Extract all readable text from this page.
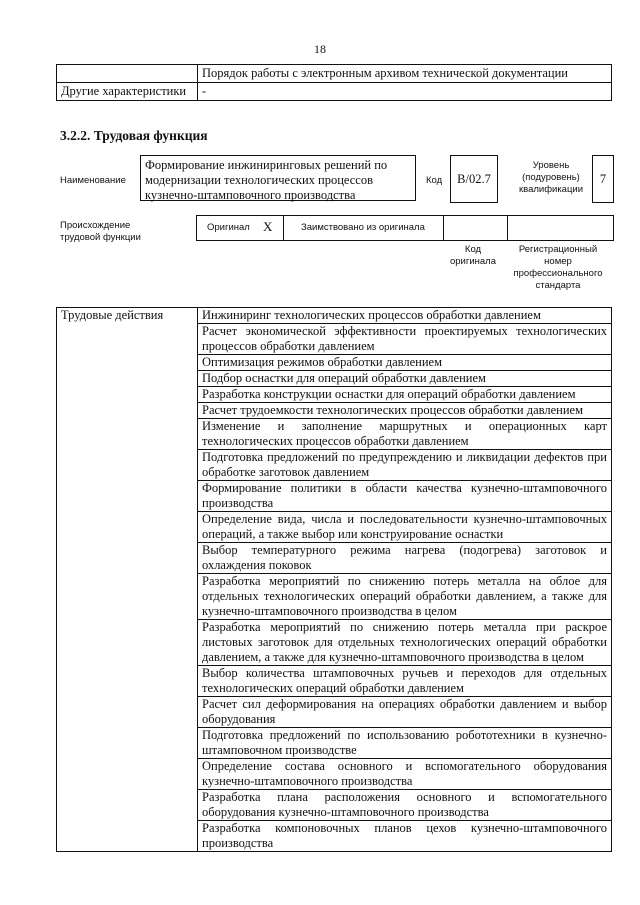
18
	Порядок работы с электронным архивом технической документации
Другие характеристики	-
3.2.2. Трудовая функция
Наименование
Формирование инжиниринговых решений по модернизации технологических процессов кузнечно-штамповочного производства
Код	B/02.7
Уровень (подуровень) квалификации
7
Происхождение трудовой функции
Оригинал X	Заимствовано из оригинала
Код оригинала
Регистрационный номер профессионального стандарта
Трудовые действия	Инжиниринг технологических процессов обработки давлением
	Расчет экономической эффективности проектируемых технологических процессов обработки давлением
	Оптимизация режимов обработки давлением
	Подбор оснастки для операций обработки давлением
	Разработка конструкции оснастки для операций обработки давлением
	Расчет трудоемкости технологических процессов обработки давлением
	Изменение и заполнение маршрутных и операционных карт технологических процессов обработки давлением
	Подготовка предложений по предупреждению и ликвидации дефектов при обработке заготовок давлением
	Формирование политики в области качества кузнечно-штамповочного производства
	Определение вида, числа и последовательности кузнечно-штамповочных операций, а также выбор или конструирование оснастки
	Выбор температурного режима нагрева (подогрева) заготовок и охлаждения поковок
	Разработка мероприятий по снижению потерь металла на облое для отдельных технологических операций обработки давлением, а также для кузнечно-штамповочного производства в целом
	Разработка мероприятий по снижению потерь металла при раскрое листовых заготовок для отдельных технологических операций обработки давлением, а также для кузнечно-штамповочного производства в целом
	Выбор количества штамповочных ручьев и переходов для отдельных технологических операций обработки давлением
	Расчет сил деформирования на операциях обработки давлением и выбор оборудования
	Подготовка предложений по использованию робототехники в кузнечно-штамповочном производстве
	Определение состава основного и вспомогательного оборудования кузнечно-штамповочного производства
	Разработка плана расположения основного и вспомогательного оборудования кузнечно-штамповочного производства
	Разработка компоновочных планов цехов кузнечно-штамповочного производства
